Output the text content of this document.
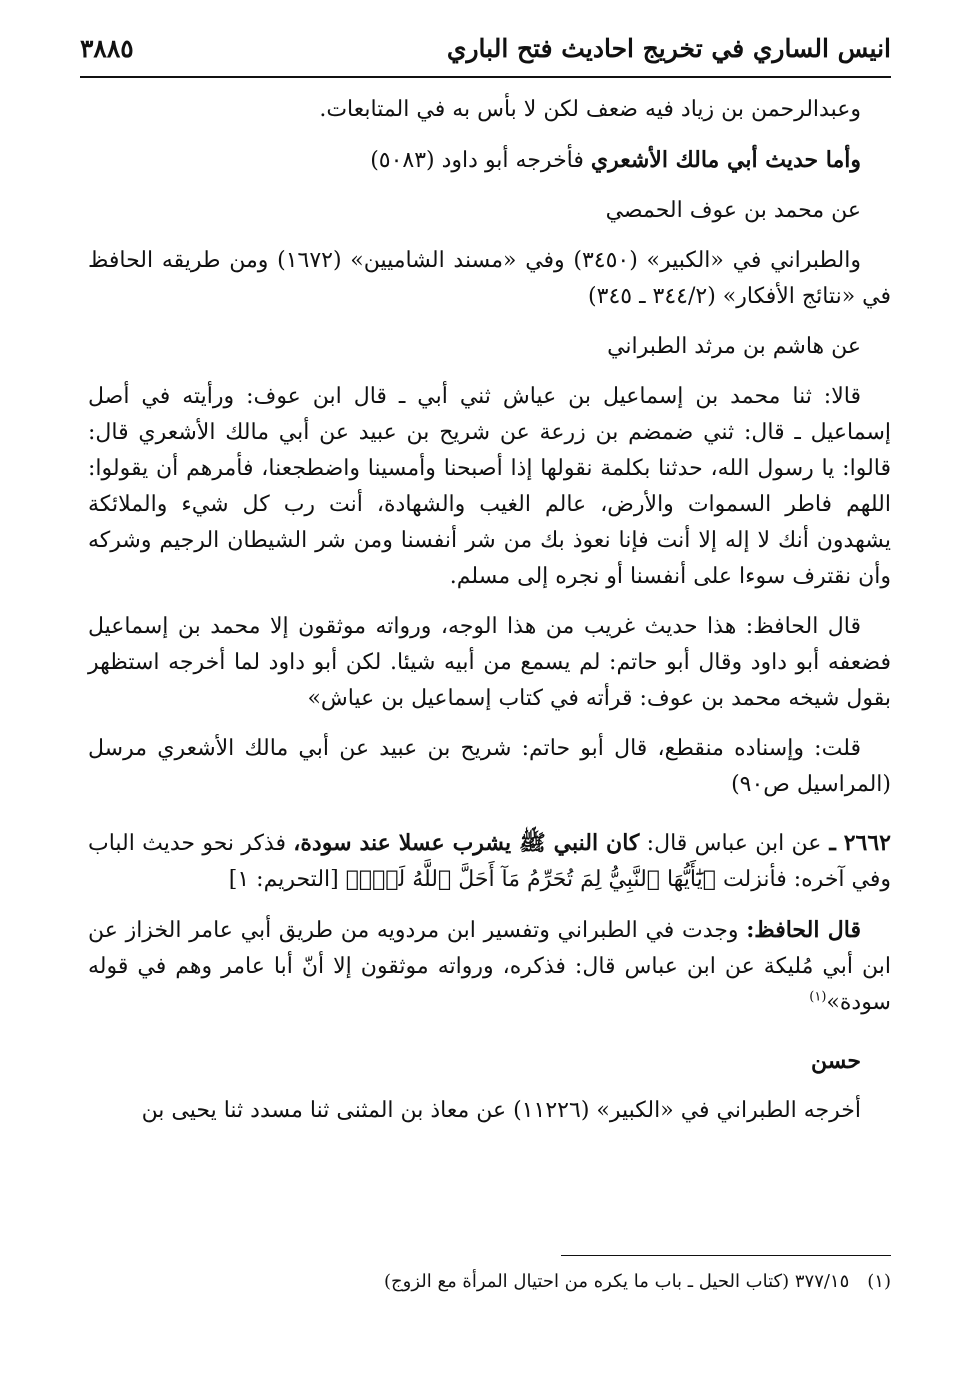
انيس الساري في تخريج احاديث فتح الباري
٣٨٨٥

وعبدالرحمن بن زياد فيه ضعف لكن لا بأس به في المتابعات.

وأما حديث أبي مالك الأشعري فأخرجه أبو داود (٥٠٨٣)

عن محمد بن عوف الحمصي

والطبراني في «الكبير» (٣٤٥٠) وفي «مسند الشاميين» (١٦٧٢) ومن طريقه الحافظ في «نتائج الأفكار» (٣٤٤/٢ ـ ٣٤٥)

عن هاشم بن مرثد الطبراني

قالا: ثنا محمد بن إسماعيل بن عياش ثني أبي ـ قال ابن عوف: ورأيته في أصل إسماعيل ـ قال: ثني ضمضم بن زرعة عن شريح بن عبيد عن أبي مالك الأشعري قال: قالوا: يا رسول الله، حدثنا بكلمة نقولها إذا أصبحنا وأمسينا واضطجعنا، فأمرهم أن يقولوا: اللهم فاطر السموات والأرض، عالم الغيب والشهادة، أنت رب كل شيء والملائكة يشهدون أنك لا إله إلا أنت فإنا نعوذ بك من شر أنفسنا ومن شر الشيطان الرجيم وشركه وأن نقترف سوءا على أنفسنا أو نجره إلى مسلم.

قال الحافظ: هذا حديث غريب من هذا الوجه، ورواته موثقون إلا محمد بن إسماعيل فضعفه أبو داود وقال أبو حاتم: لم يسمع من أبيه شيئا. لكن أبو داود لما أخرجه استظهر بقول شيخه محمد بن عوف: قرأته في كتاب إسماعيل بن عياش»

قلت: وإسناده منقطع، قال أبو حاتم: شريح بن عبيد عن أبي مالك الأشعري مرسل (المراسيل ص٩٠)

٢٦٦٢ ـ عن ابن عباس قال: كان النبي ﷺ يشرب عسلا عند سودة، فذكر نحو حديث الباب وفي آخره: فأنزلت ﴿يَٰٓأَيُّهَا ٱلنَّبِيُّ لِمَ تُحَرِّمُ مَآ أَحَلَّ ٱللَّهُ لَكَۖ﴾ [التحريم: ١]

قال الحافظ: وجدت في الطبراني وتفسير ابن مردويه من طريق أبي عامر الخزاز عن ابن أبي مُليكة عن ابن عباس قال: فذكره، ورواته موثقون إلا أنّ أبا عامر وهم في قوله سودة»$^{(١)}$

حسن

أخرجه الطبراني في «الكبير» (١١٢٢٦) عن معاذ بن المثنى ثنا مسدد ثنا يحيى بن

(١)٣٧٧/١٥ (كتاب الحيل ـ باب ما يكره من احتيال المرأة مع الزوج)
